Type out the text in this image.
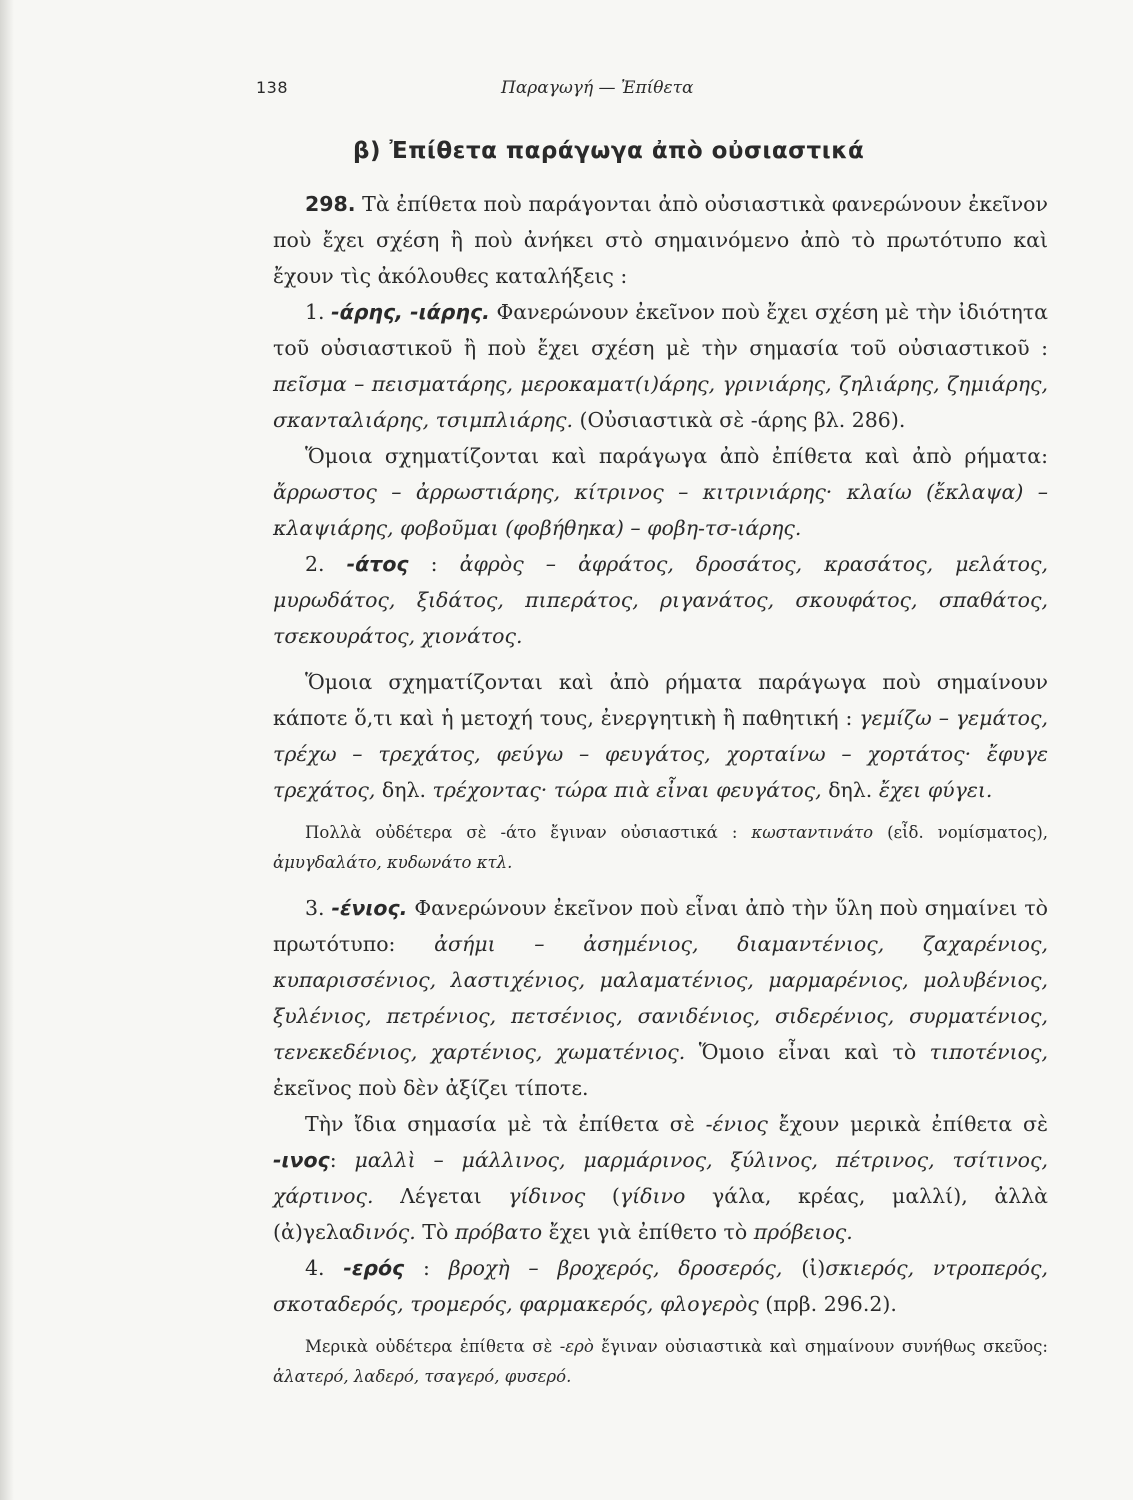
138	Παραγωγή — Ἐπίθετα
β) Ἐπίθετα παράγωγα ἀπὸ οὐσιαστικά

298. Τὰ ἐπίθετα ποὺ παράγονται ἀπὸ οὐσιαστικὰ φανερώνουν ἐκεῖνον ποὺ ἔχει σχέση ἢ ποὺ ἀνήκει στὸ σημαινόμενο ἀπὸ τὸ πρωτότυπο καὶ ἔχουν τὶς ἀκόλουθες καταλήξεις :

1. -άρης, -ιάρης. Φανερώνουν ἐκεῖνον ποὺ ἔχει σχέση μὲ τὴν ἰδιότητα τοῦ οὐσιαστικοῦ ἢ ποὺ ἔχει σχέση μὲ τὴν σημασία τοῦ οὐσιαστικοῦ : πεῖσμα – πεισματάρης, μεροκαματ(ι)άρης, γρινιάρης, ζηλιάρης, ζημιάρης, σκανταλιάρης, τσιμπλιάρης. (Οὐσιαστικὰ σὲ -άρης βλ. 286).

Ὅμοια σχηματίζονται καὶ παράγωγα ἀπὸ ἐπίθετα καὶ ἀπὸ ρήματα: ἄρρωστος – ἀρρωστιάρης, κίτρινος – κιτρινιάρης· κλαίω (ἔκλαψα) – κλαψιάρης, φοβοῦμαι (φοβήθηκα) – φοβη-τσ-ιάρης.

2. -άτος : ἀφρὸς – ἀφράτος, δροσάτος, κρασάτος, μελάτος, μυρωδάτος, ξιδάτος, πιπεράτος, ριγανάτος, σκουφάτος, σπαθάτος, τσεκουράτος, χιονάτος.

Ὅμοια σχηματίζονται καὶ ἀπὸ ρήματα παράγωγα ποὺ σημαίνουν κάποτε ὅ,τι καὶ ἡ μετοχή τους, ἐνεργητικὴ ἢ παθητική : γεμίζω – γεμάτος, τρέχω – τρεχάτος, φεύγω – φευγάτος, χορταίνω – χορτάτος· ἔφυγε τρεχάτος, δηλ. τρέχοντας· τώρα πιὰ εἶναι φευγάτος, δηλ. ἔχει φύγει.

Πολλὰ οὐδέτερα σὲ -άτο ἔγιναν οὐσιαστικά : κωσταντινάτο (εἶδ. νομίσματος), ἀμυγδαλάτο, κυδωνάτο κτλ.

3. -ένιος. Φανερώνουν ἐκεῖνον ποὺ εἶναι ἀπὸ τὴν ὕλη ποὺ σημαίνει τὸ πρωτότυπο: ἀσήμι – ἀσημένιος, διαμαντένιος, ζαχαρένιος, κυπαρισσένιος, λαστιχένιος, μαλαματένιος, μαρμαρένιος, μολυβένιος, ξυλένιος, πετρένιος, πετσένιος, σανιδένιος, σιδερένιος, συρματένιος, τενεκεδένιος, χαρτένιος, χωματένιος. Ὅμοιο εἶναι καὶ τὸ τιποτένιος, ἐκεῖνος ποὺ δὲν ἀξίζει τίποτε.

Τὴν ἴδια σημασία μὲ τὰ ἐπίθετα σὲ -ένιος ἔχουν μερικὰ ἐπίθετα σὲ -ινος: μαλλὶ – μάλλινος, μαρμάρινος, ξύλινος, πέτρινος, τσίτινος, χάρτινος. Λέγεται γίδινος (γίδινο γάλα, κρέας, μαλλί), ἀλλὰ (ἀ)γελαδινός. Τὸ πρόβατο ἔχει γιὰ ἐπίθετο τὸ πρόβειος.

4. -ερός : βροχὴ – βροχερός, δροσερός, (ἰ)σκιερός, ντροπερός, σκοταδερός, τρομερός, φαρμακερός, φλογερὸς (πρβ. 296.2).

Μερικὰ οὐδέτερα ἐπίθετα σὲ -ερὸ ἔγιναν οὐσιαστικὰ καὶ σημαίνουν συνήθως σκεῦος: ἁλατερό, λαδερό, τσαγερό, φυσερό.
